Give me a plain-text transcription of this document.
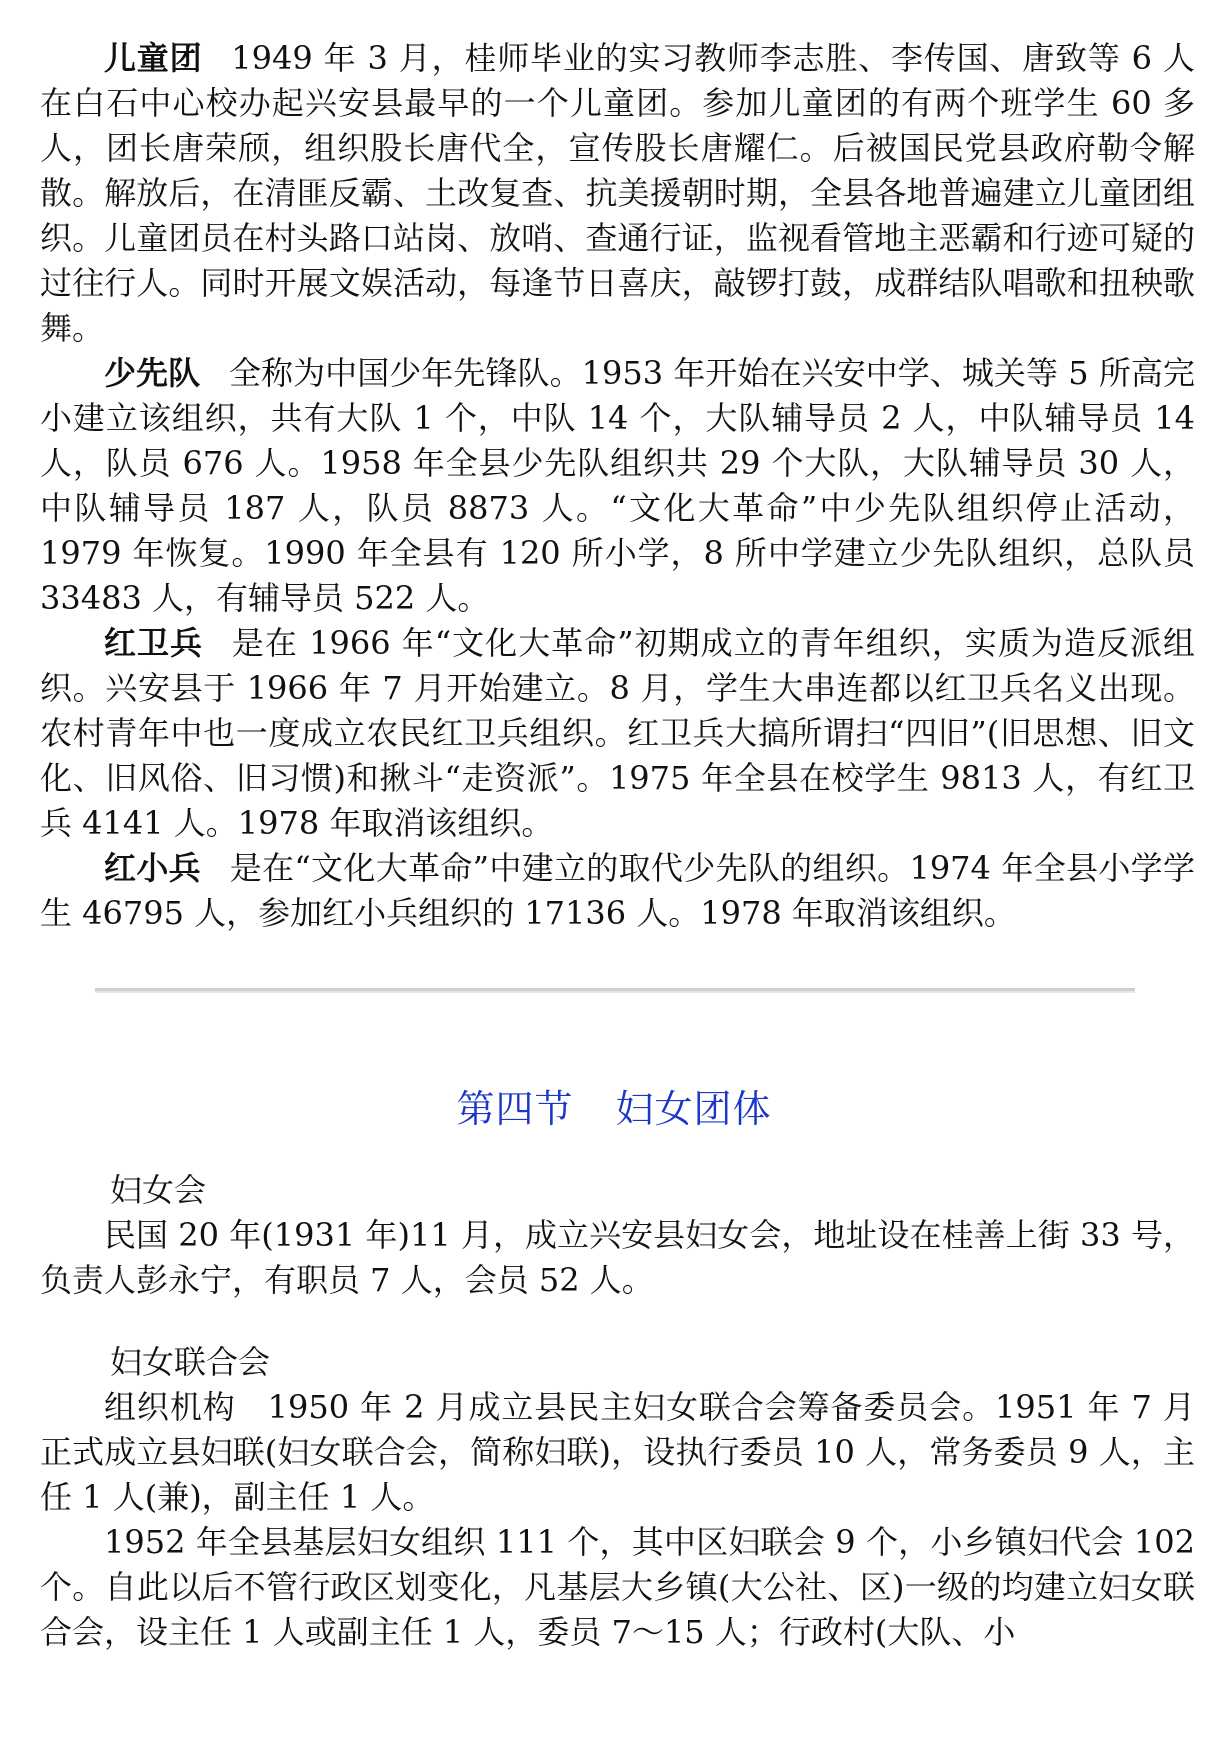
儿童团 1949 年 3 月，桂师毕业的实习教师李志胜、李传国、唐致等 6 人在白石中心校办起兴安县最早的一个儿童团。参加儿童团的有两个班学生 60 多人，团长唐荣颀，组织股长唐代全，宣传股长唐耀仁。后被国民党县政府勒令解散。解放后，在清匪反霸、土改复查、抗美援朝时期，全县各地普遍建立儿童团组织。儿童团员在村头路口站岗、放哨、查通行证，监视看管地主恶霸和行迹可疑的过往行人。同时开展文娱活动，每逢节日喜庆，敲锣打鼓，成群结队唱歌和扭秧歌舞。

少先队 全称为中国少年先锋队。1953 年开始在兴安中学、城关等 5 所高完小建立该组织，共有大队 1 个，中队 14 个，大队辅导员 2 人，中队辅导员 14 人，队员 676 人。1958 年全县少先队组织共 29 个大队，大队辅导员 30 人，中队辅导员 187 人，队员 8873 人。“文化大革命”中少先队组织停止活动，1979 年恢复。1990 年全县有 120 所小学，8 所中学建立少先队组织，总队员 33483 人，有辅导员 522 人。

红卫兵 是在 1966 年“文化大革命”初期成立的青年组织，实质为造反派组织。兴安县于 1966 年 7 月开始建立。8 月，学生大串连都以红卫兵名义出现。农村青年中也一度成立农民红卫兵组织。红卫兵大搞所谓扫“四旧”(旧思想、旧文化、旧风俗、旧习惯)和揪斗“走资派”。1975 年全县在校学生 9813 人，有红卫兵 4141 人。1978 年取消该组织。

红小兵 是在“文化大革命”中建立的取代少先队的组织。1974 年全县小学学生 46795 人，参加红小兵组织的 17136 人。1978 年取消该组织。

第四节 妇女团体
妇女会

民国 20 年(1931 年)11 月，成立兴安县妇女会，地址设在桂善上街 33 号，负责人彭永宁，有职员 7 人，会员 52 人。

妇女联合会

组织机构 1950 年 2 月成立县民主妇女联合会筹备委员会。1951 年 7 月正式成立县妇联(妇女联合会，简称妇联)，设执行委员 10 人，常务委员 9 人，主任 1 人(兼)，副主任 1 人。

1952 年全县基层妇女组织 111 个，其中区妇联会 9 个，小乡镇妇代会 102 个。自此以后不管行政区划变化，凡基层大乡镇(大公社、区)一级的均建立妇女联合会，设主任 1 人或副主任 1 人，委员 7～15 人；行政村(大队、小
